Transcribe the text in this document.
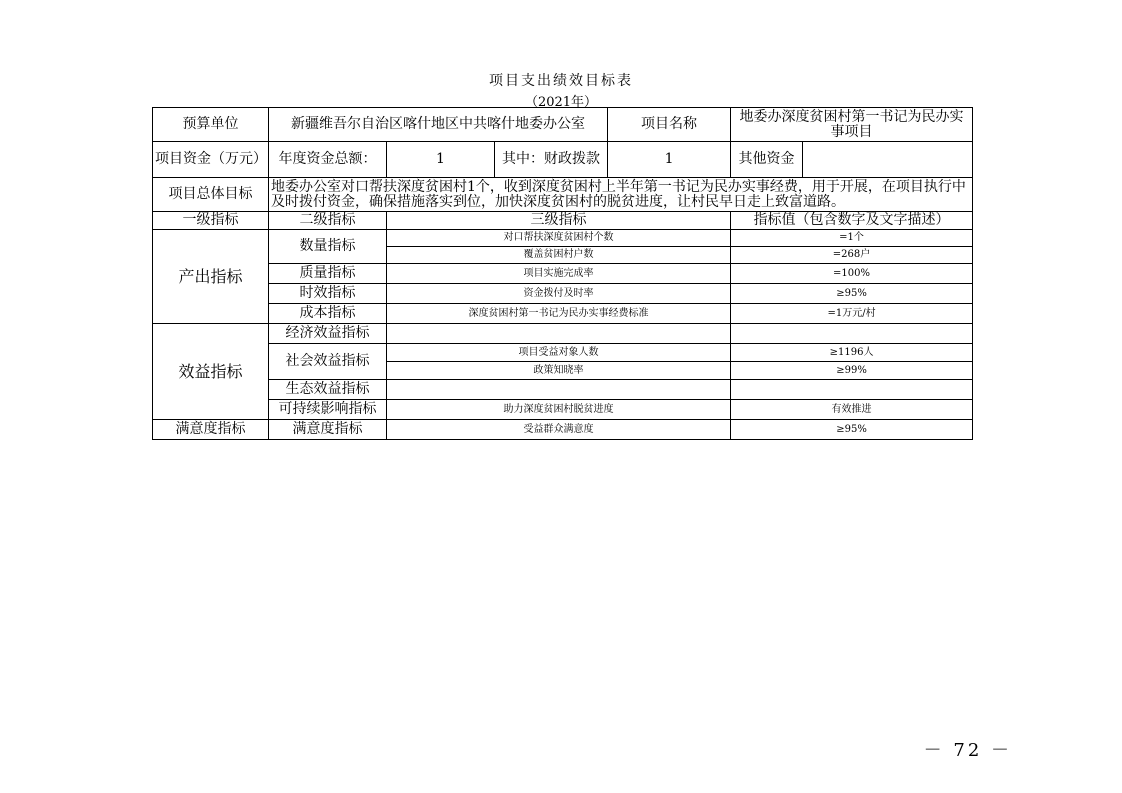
项目支出绩效目标表
（2021年）
预算单位	新疆维吾尔自治区喀什地区中共喀什地委办公室			项目名称	地委办深度贫困村第一书记为民办实事项目	
项目资金（万元）	年度资金总额：	1	其中：财政拨款	1	其他资金	
项目总体目标	地委办公室对口帮扶深度贫困村1个，收到深度贫困村上半年第一书记为民办实事经费，用于开展，在项目执行中及时拨付资金，确保措施落实到位，加快深度贫困村的脱贫进度，让村民早日走上致富道路。					
一级指标	二级指标	三级指标			指标值（包含数字及文字描述）	
产出指标	数量指标	对口帮扶深度贫困村个数			=1个	
		覆盖贫困村户数			=268户	
	质量指标	项目实施完成率			=100%	
	时效指标	资金拨付及时率			≥95%	
	成本指标	深度贫困村第一书记为民办实事经费标准			=1万元/村	

效益指标	经济效益指标					
	社会效益指标	项目受益对象人数			≥1196人	
		政策知晓率			≥99%	
	生态效益指标					
	可持续影响指标	助力深度贫困村脱贫进度			有效推进	

满意度指标	满意度指标	受益群众满意度			≥95%	
－ 72 －
